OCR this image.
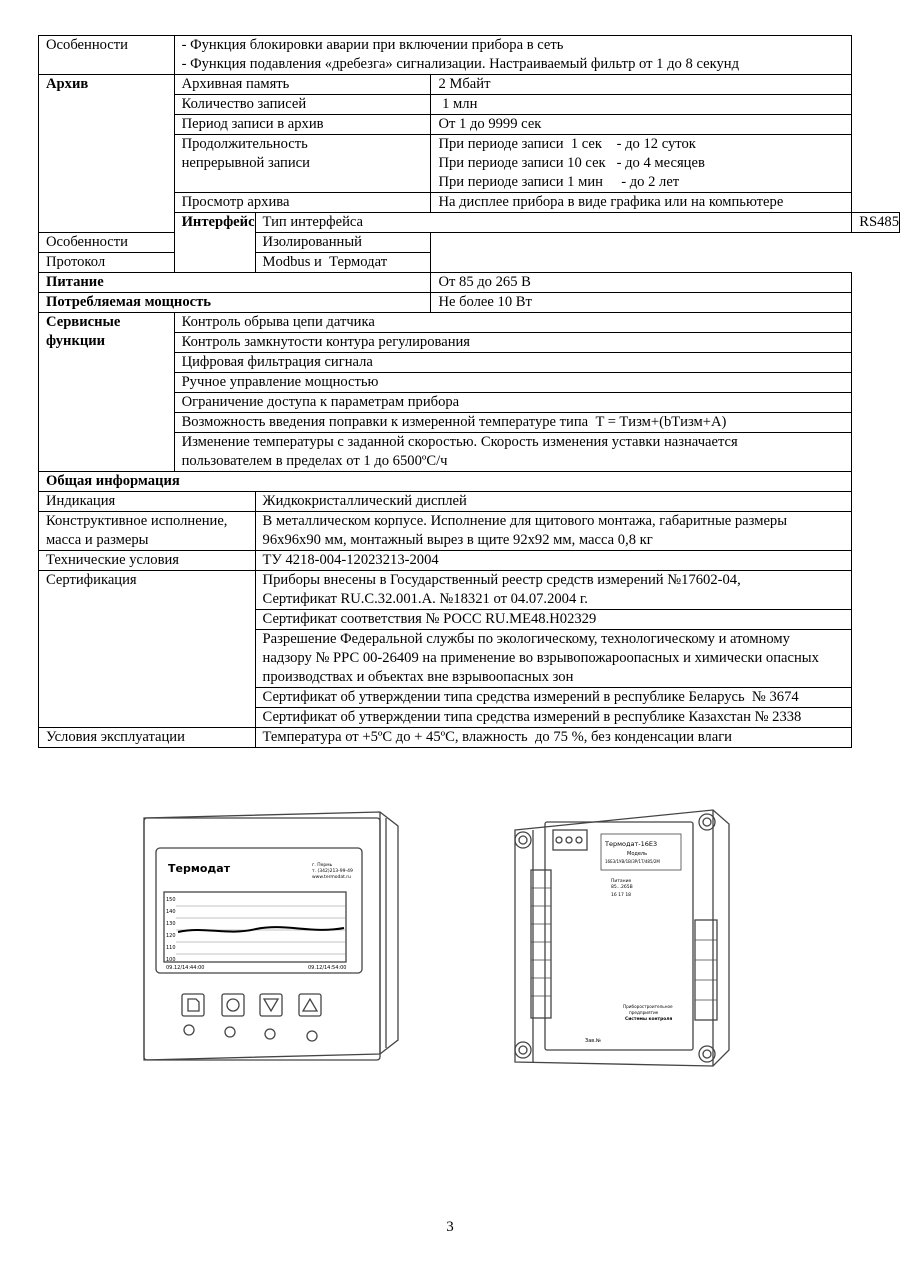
Особенности	- Функция блокировки аварии при включении прибора в сеть
- Функция подавления «дребезга» сигнализации. Настраиваемый фильтр от 1 до 8 секунд			

Архив	Архивная память		2 Мбайт	
	Количество записей		1 млн	
	Период записи в архив		От 1 до 9999 сек	
	Продолжительность непрерывной записи		При периоде записи  1 сек    - до 12 суток
При периоде записи 10 сек   - до 4 месяцев
При периоде записи 1 мин     - до 2 лет	

	Просмотр архива		На дисплее прибора в виде графика или на компьютере	
	Интерфейс	Тип интерфейса		RS485
Особенности		Изолированный		
Протокол		Modbus и  Термодат		
Питание			От 85 до 265 В	
Потребляемая мощность			Не более 10 Вт	
Сервисные функции	Контроль обрыва цепи датчика			
	Контроль замкнутости контура регулирования			
	Цифровая фильтрация сигнала			
	Ручное управление мощностью			
	Ограничение доступа к параметрам прибора			
	Возможность введения поправки к измеренной температуре типа  T = Tизм+(bTизм+A)			
	Изменение температуры с заданной скоростью. Скорость изменения уставки назначается пользователем в пределах от 1 до 6500ºС/ч			
Общая информация				
Индикация		Жидкокристаллический дисплей		
Конструктивное исполнение, масса и размеры		В металлическом корпусе. Исполнение для щитового монтажа, габаритные размеры 96х96х90 мм, монтажный вырез в щите 92х92 мм, масса 0,8 кг		
Технические условия		ТУ 4218-004-12023213-2004		
Сертификация		Приборы внесены в Государственный реестр средств измерений №17602-04, Сертификат RU.C.32.001.A. №18321 от 04.07.2004 г.		
		Сертификат соответствия № РОСС RU.ME48.H02329		
		Разрешение Федеральной службы по экологическому, технологическому и атомному надзору № РРС 00-26409 на применение во взрывопожароопасных и химически опасных производствах и объектах вне взрывоопасных зон		
		Сертификат об утверждении типа средства измерений в республике Беларусь  № 3674		
		Сертификат об утверждении типа средства измерений в республике Казахстан № 2338		
Условия эксплуатации		Температура от +5ºС до + 45ºС, влажность  до 75 %, без конденсации влаги		
Термодат	г. Пермь
т. (342)213-99-49
www.termodat.ru
150
140
130
120
110
100
09.12/14:44:00	09.12/14:54:00
Термодат-16Е3
Модель
16Е3/1УВ/1В/3Р/1Т/485/2М
Питание
85...265В
16 17 18
Приборостроительное
предприятие
Системы контроля
Зав.№
3
